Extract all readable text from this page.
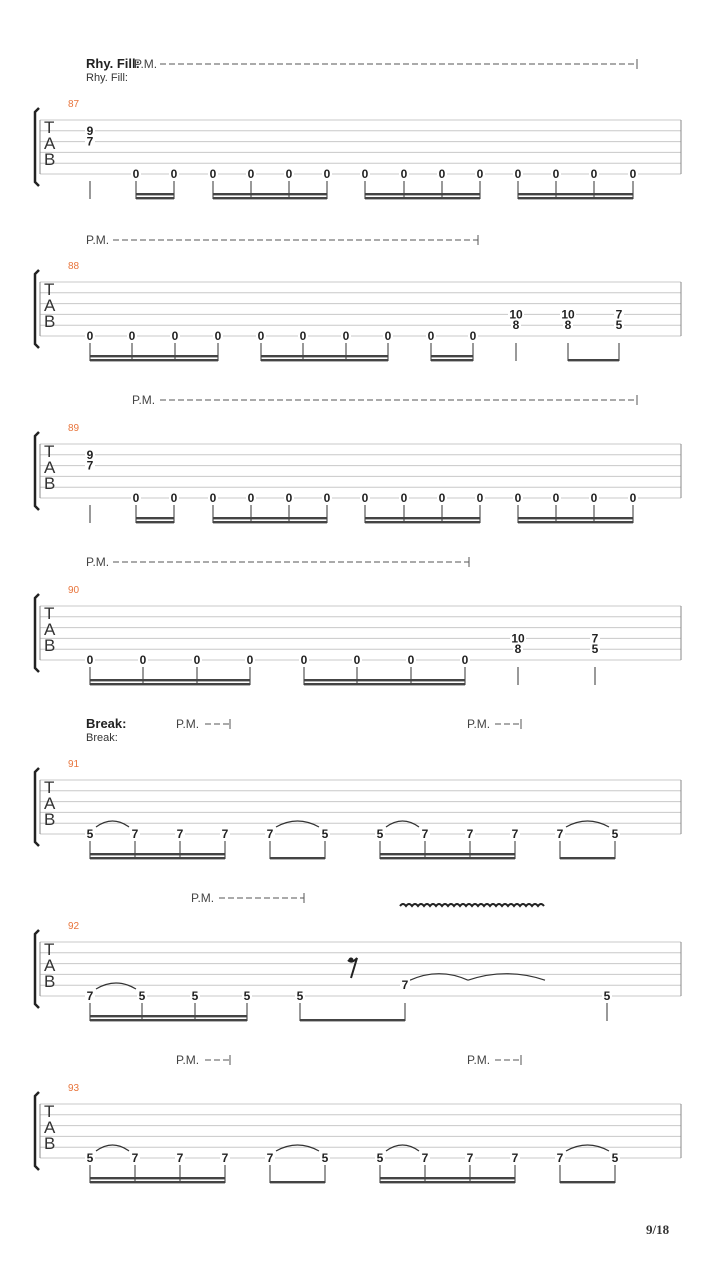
T
A
B
87
Rhy. Fill:
Rhy. Fill:
P.M.
9
7
0	0	0	0	0	0	0	0	0	0	0	0	0	0
T
A
B
88
P.M.
0	0	0	0	0	0	0	0	0	0
10
8
10
8
7
5
T
A
B
89
P.M.
9
7
0	0	0	0	0	0	0	0	0	0	0	0	0	0
T
A
B
90
P.M.
0	0	0	0	0	0	0	0
10
8
7
5
T
A
B
91
Break:
Break:
P.M.	P.M.
5	7	7	7	7	5	5	7	7	7	7	5
T
A
B
92
P.M.
7	5	5	5	5
7
5
T
A
B
93
P.M.	P.M.
5	7	7	7	7	5	5	7	7	7	7	5
9/18
